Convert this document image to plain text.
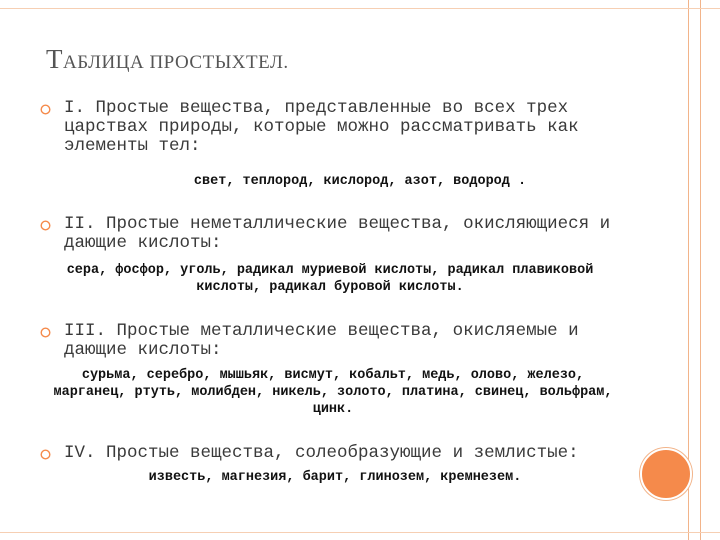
ТАБЛИЦА ПРОСТЫХТЕЛ.
I. Простые вещества, представленные во всех трех царствах природы, которые можно рассматривать как элементы тел:
свет, теплород, кислород, азот, водород .
II. Простые неметаллические вещества, окисляющиеся и дающие кислоты:
сера, фосфор, уголь, радикал муриевой кислоты, радикал плавиковой кислоты, радикал буровой кислоты.
III. Простые металлические вещества, окисляемые и дающие кислоты:
сурьма, серебро, мышьяк, висмут, кобальт, медь, олово, железо, марганец, ртуть, молибден, никель, золото, платина, свинец, вольфрам, цинк.
IV. Простые вещества, солеобразующие и землистые:
известь, магнезия, барит, глинозем, кремнезем.
